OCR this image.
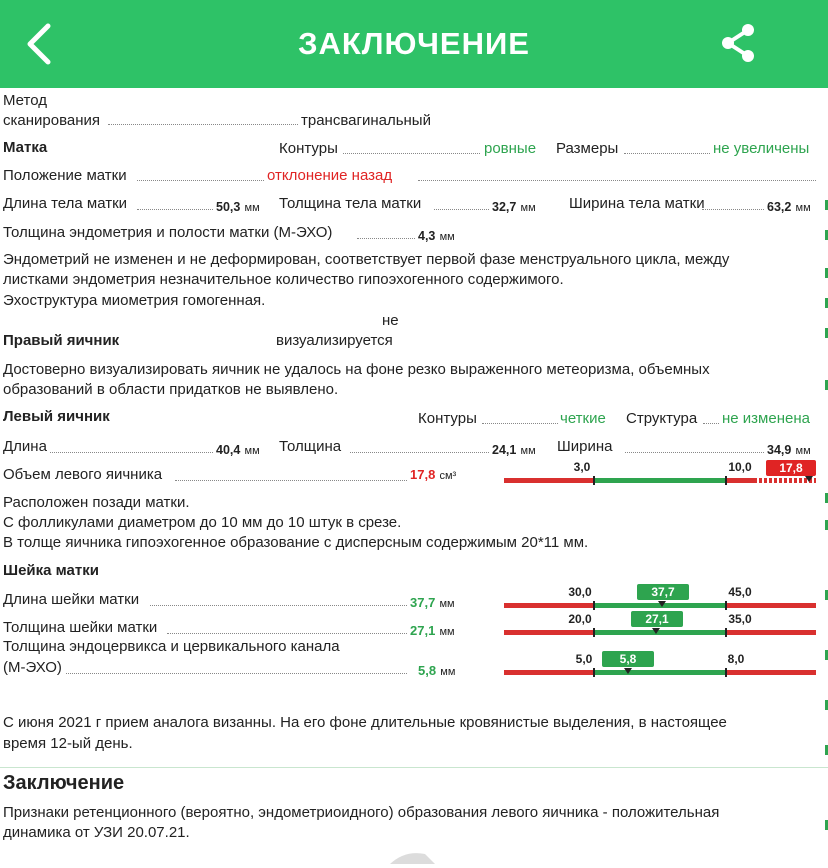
ЗАКЛЮЧЕНИЕ
Метод
сканирования	трансвагинальный
Матка	Контуры	ровные Размеры	не увеличены
Положение матки	отклонение назад
Длина тела матки	50,3 мм Толщина тела матки	32,7 мм Ширина тела матки	63,2 мм
Толщина эндометрия и полости матки (М-ЭХО)	4,3 мм
Эндометрий не изменен и не деформирован, соответствует первой фазе менструального цикла, между
листками эндометрия незначительное количество гипоэхогенного содержимого.
Эхоструктура миометрия гомогенная.
не
Правый яичник	визуализируется
Достоверно визуализировать яичник не удалось на фоне резко выраженного метеоризма, объемных
образований в области придатков не выявлено.
Левый яичник	Контуры	четкие Структура не изменена
Длина	40,4 мм Толщина	24,1 мм Ширина	34,9 мм
Объем левого яичника	17,8 см³
3,0	10,0	17,8
Расположен позади матки.
С фолликулами диаметром до 10 мм до 10 штук в срезе.
В толще яичника гипоэхогенное образование с дисперсным содержимым 20*11 мм.
Шейка матки
Длина шейки матки	37,7 мм
30,0	45,0
37,7
Толщина шейки матки	27,1 мм
20,0	35,0
27,1
Толщина эндоцервикса и цервикального канала
(М-ЭХО)	5,8 мм
5,0	8,0
5,8
С июня 2021 г прием аналога визанны. На его фоне длительные кровянистые выделения, в настоящее
время 12-ый день.
Заключение
Признаки ретенционного (вероятно, эндометриоидного) образования левого яичника - положительная
динамика от УЗИ 20.07.21.
